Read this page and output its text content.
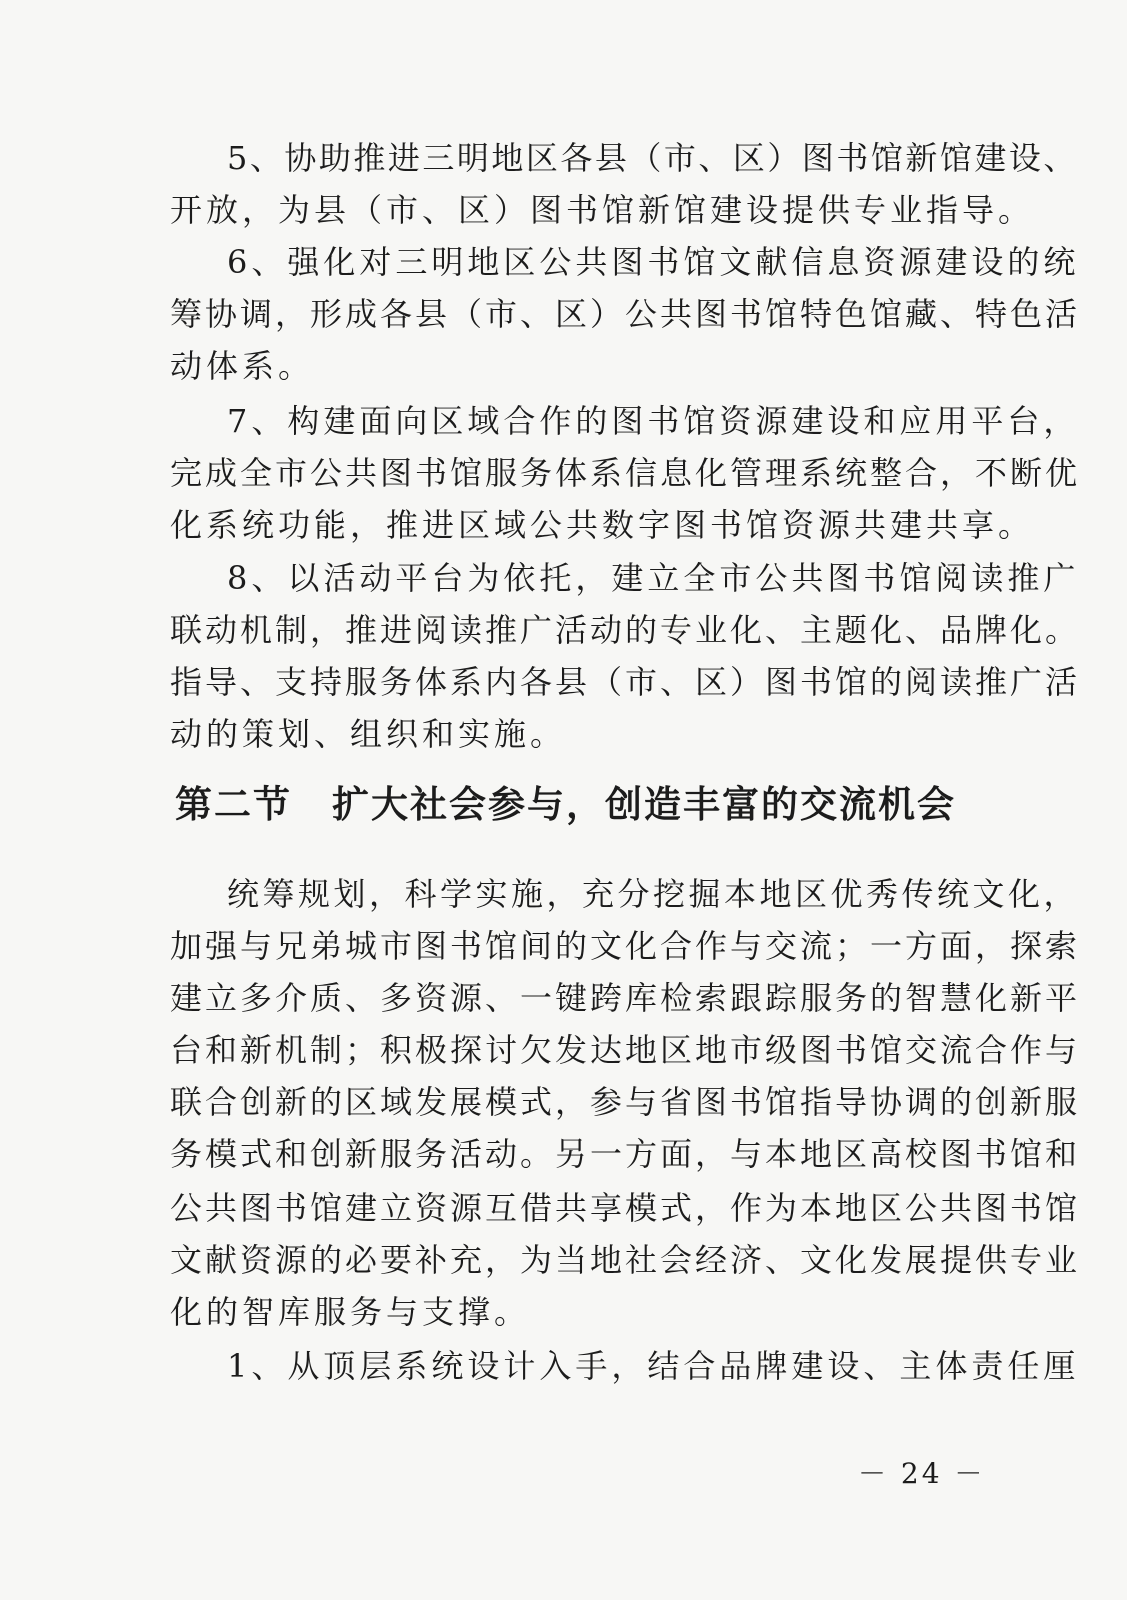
5、协助推进三明地区各县（市、区）图书馆新馆建设、
开放，为县（市、区）图书馆新馆建设提供专业指导。
6、强化对三明地区公共图书馆文献信息资源建设的统
筹协调，形成各县（市、区）公共图书馆特色馆藏、特色活
动体系。
7、构建面向区域合作的图书馆资源建设和应用平台，
完成全市公共图书馆服务体系信息化管理系统整合，不断优
化系统功能，推进区域公共数字图书馆资源共建共享。
8、以活动平台为依托，建立全市公共图书馆阅读推广
联动机制，推进阅读推广活动的专业化、主题化、品牌化。
指导、支持服务体系内各县（市、区）图书馆的阅读推广活
动的策划、组织和实施。
第二节 扩大社会参与，创造丰富的交流机会
统筹规划，科学实施，充分挖掘本地区优秀传统文化，
加强与兄弟城市图书馆间的文化合作与交流；一方面，探索
建立多介质、多资源、一键跨库检索跟踪服务的智慧化新平
台和新机制；积极探讨欠发达地区地市级图书馆交流合作与
联合创新的区域发展模式，参与省图书馆指导协调的创新服
务模式和创新服务活动。另一方面，与本地区高校图书馆和
公共图书馆建立资源互借共享模式，作为本地区公共图书馆
文献资源的必要补充，为当地社会经济、文化发展提供专业
化的智库服务与支撑。
1、从顶层系统设计入手，结合品牌建设、主体责任厘
－ 24 －
